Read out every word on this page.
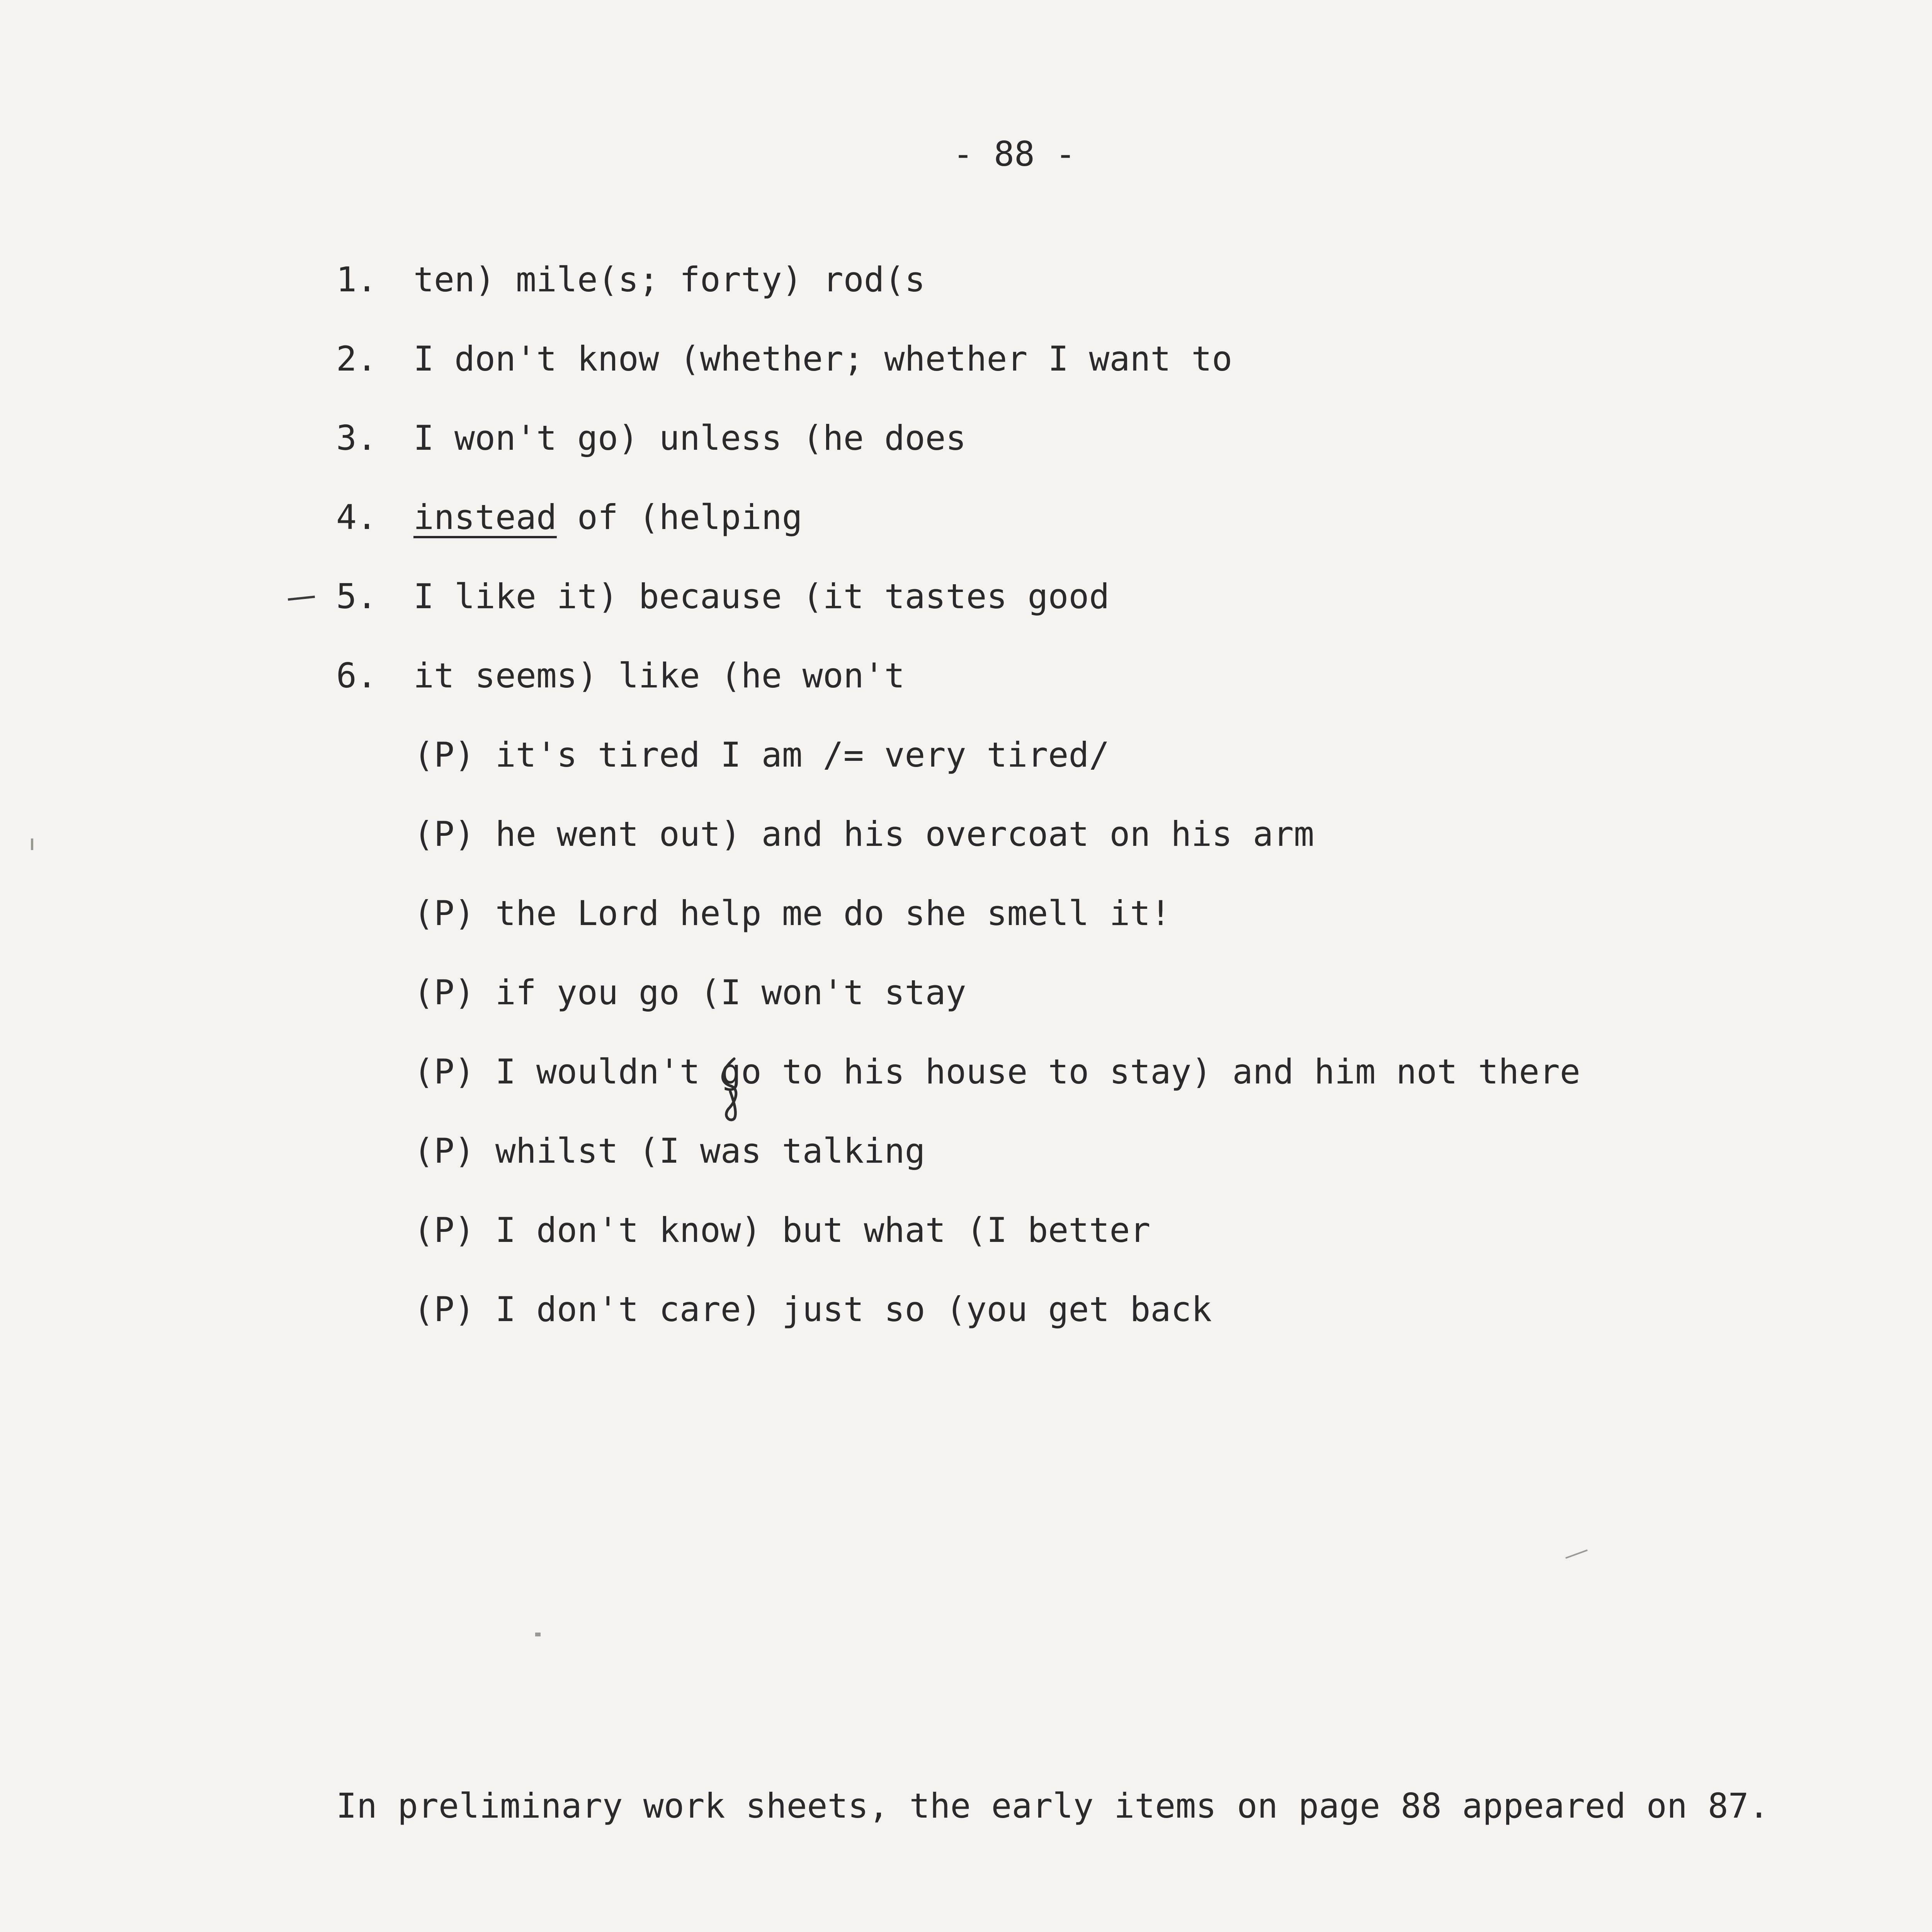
- 88 -
1. ten) mile(s; forty) rod(s
2. I don't know (whether; whether I want to
3. I won't go) unless (he does
4. instead of (helping
5. I like it) because (it tastes good
6. it seems) like (he won't
(P) it's tired I am /= very tired/
(P) he went out) and his overcoat on his arm
(P) the Lord help me do she smell it!
(P) if you go (I won't stay
(P) I wouldn't go to his house to stay) and him not there
(P) whilst (I was talking
(P) I don't know) but what (I better
(P) I don't care) just so (you get back
In preliminary work sheets, the early items on page 88 appeared on 87.
